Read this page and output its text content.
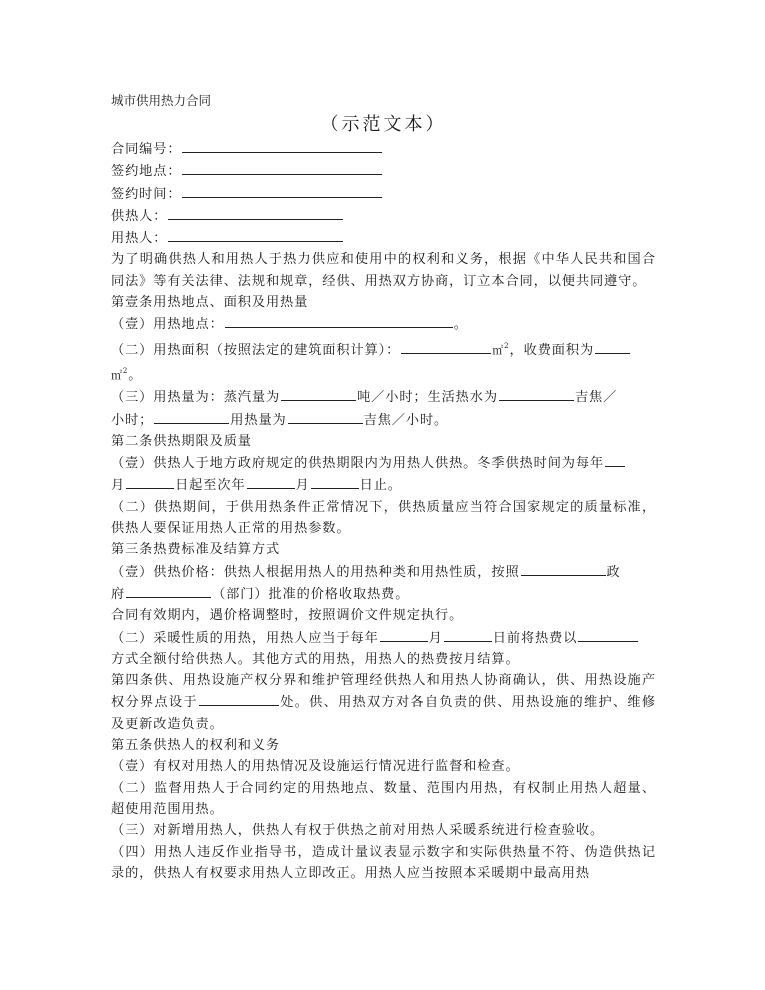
城市供用热力合同
（示范文本）
合同编号：
签约地点：
签约时间：
供热人：
用热人：
为了明确供热人和用热人于热力供应和使用中的权利和义务，根据《中华人民共和国合同法》等有关法律、法规和规章，经供、用热双方协商，订立本合同，以便共同遵守。
第壹条用热地点、面积及用热量
（壹）用热地点：	。
（二）用热面积（按照法定的建筑面积计算）：	㎡$^2$，收费面积为
㎡$^2$。
（三）用热量为：蒸汽量为	吨／小时；生活热水为	吉焦／
小时；	用热量为	吉焦／小时。
第二条供热期限及质量
（壹）供热人于地方政府规定的供热期限内为用热人供热。冬季供热时间为每年
月	日起至次年	月	日止。
（二）供热期间，于供用热条件正常情况下，供热质量应当符合国家规定的质量标准，供热人要保证用热人正常的用热参数。
第三条热费标准及结算方式
（壹）供热价格：供热人根据用热人的用热种类和用热性质，按照	政
府	（部门）批准的价格收取热费。
合同有效期内，遇价格调整时，按照调价文件规定执行。
（二）采暖性质的用热，用热人应当于每年	月	日前将热费以
方式全额付给供热人。其他方式的用热，用热人的热费按月结算。
第四条供、用热设施产权分界和维护管理经供热人和用热人协商确认，供、用热设施产权分界点设于	处。供、用热双方对各自负责的供、用热设施的维护、维修及更新改造负责。
第五条供热人的权利和义务
（壹）有权对用热人的用热情况及设施运行情况进行监督和检查。
（二）监督用热人于合同约定的用热地点、数量、范围内用热，有权制止用热人超量、超使用范围用热。
（三）对新增用热人，供热人有权于供热之前对用热人采暖系统进行检查验收。
（四）用热人违反作业指导书，造成计量议表显示数字和实际供热量不符、伪造供热记录的，供热人有权要求用热人立即改正。用热人应当按照本采暖期中最高用热
